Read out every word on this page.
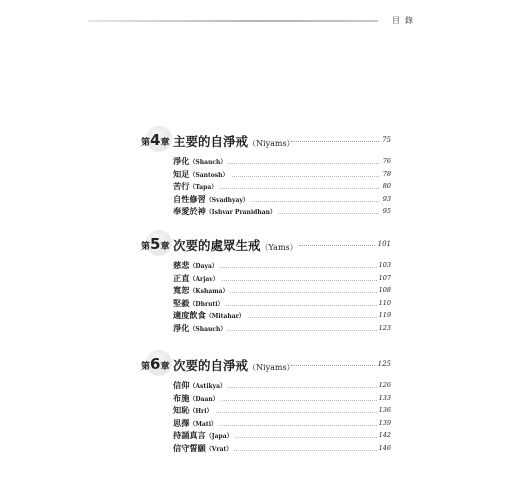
目錄
第4章 主要的自淨戒（Niyams）	75
淨化（Shauch）	76
知足（Santosh）	78
苦行（Tapa）	80
自性修習（Svadhyay）	93
奉愛於神（Ishvar Pranidhan）	95
第5章 次要的處眾生戒（Yams）	101
慈悲（Daya）	103
正直（Arjav）	107
寬恕（Kshama）	108
堅毅（Dhruti）	110
適度飲食（Mitahar）	119
淨化（Shauch）	123
第6章 次要的自淨戒（Niyams）	125
信仰（Astikya）	126
布施（Daan）	133
知恥（Hri）	136
思擇（Mati）	139
持誦真言（Japa）	142
信守誓願（Vrat）	146
